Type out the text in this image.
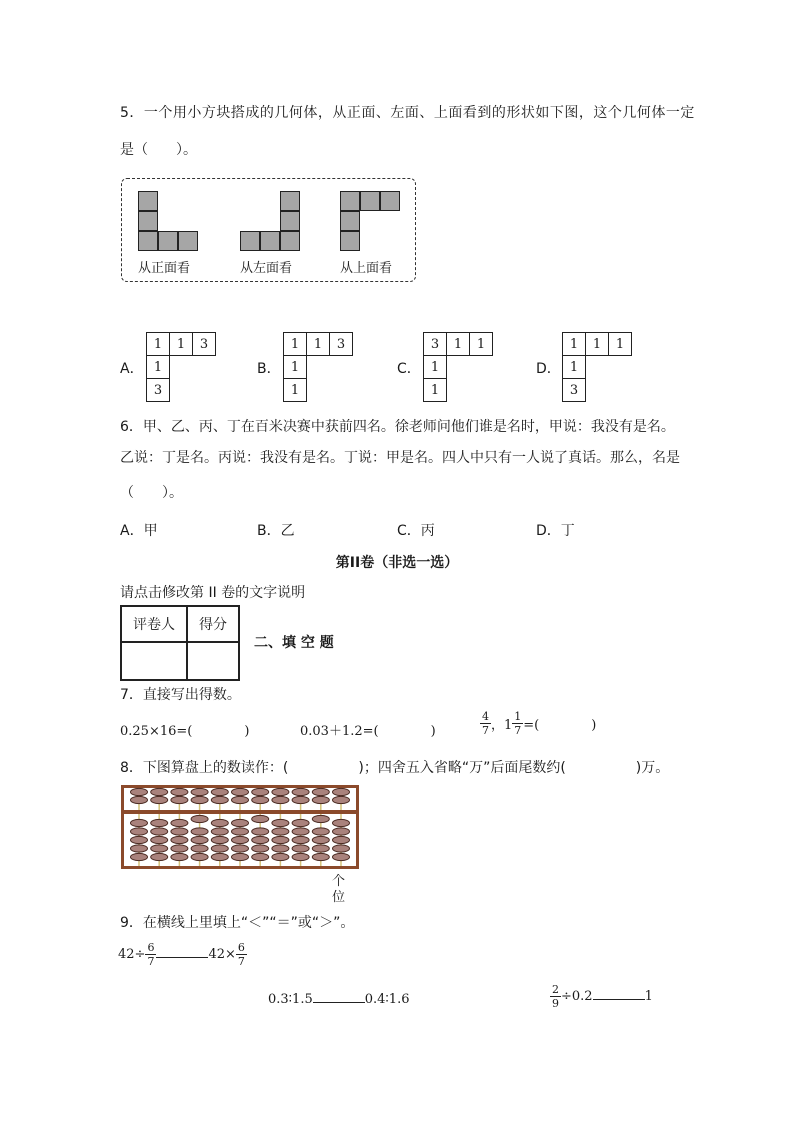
5．一个用小方块搭成的几何体，从正面、左面、上面看到的形状如下图，这个几何体一定
是（　　）。
从正面看	从左面看	从上面看
A．
1	1	3
1		
3		
B．
1	1	3
1		
1		
C．
3	1	1
1		
1		
D．
1	1	1
1		
3		
6．甲、乙、丙、丁在百米决赛中获前四名。徐老师问他们谁是名时，甲说：我没有是名。
乙说：丁是名。丙说：我没有是名。丁说：甲是名。四人中只有一人说了真话。那么，名是
（　　）。
A．甲	B．乙	C．丙	D．丁
第II卷（非选一选）
请点击修改第 II 卷的文字说明
评卷人	得分

二、填 空 题
7．直接写出得数。
0.25×16=(　　　　)	0.03＋1.2=(　　　　)	$\frac{4}{7}$ ，$1 \frac{1}{7}$ =(　　　　)
8．下图算盘上的数读作：(　　　　　)；四舍五入省略“万”后面尾数约(　　　　　)万。
个
位
9．在横线上里填上“＜”“＝”或“＞”。
$42\div \frac{6}{7}$	$42\times \frac{6}{7}$
0.3∶1.5	0.4∶1.6	$\frac{2}{9} \div 0.2$	1
